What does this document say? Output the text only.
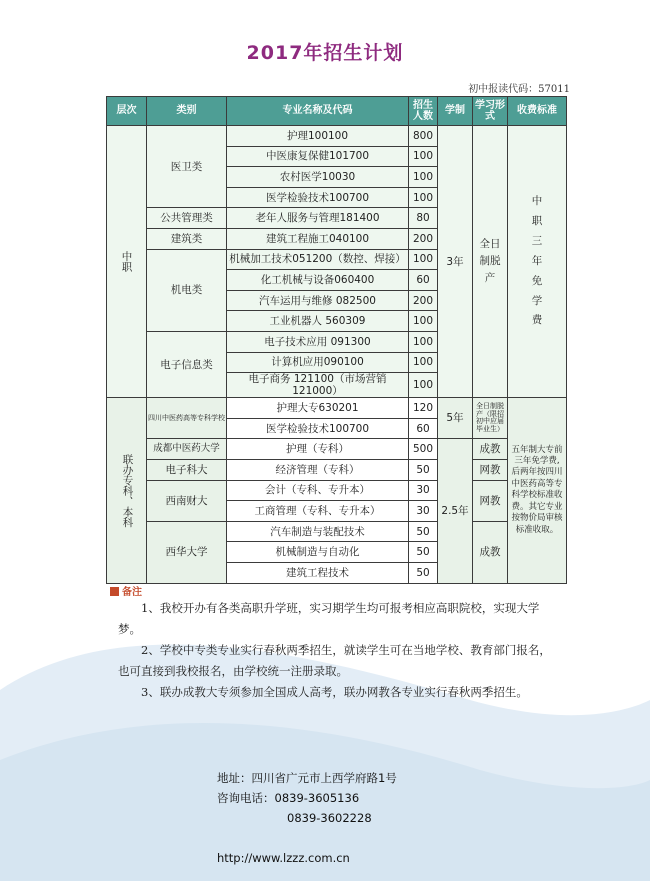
2017年招生计划
初中报读代码：57011
层次	类别	专业名称及代码	招生人数	学制	学习形式	收费标准
中职	医卫类	护理100100	800	3年	全日制脱产	中职三年免学费
		中医康复保健101700	100			
		农村医学10030	100			
		医学检验技术100700	100			
	公共管理类	老年人服务与管理181400	80			
	建筑类	建筑工程施工040100	200			
	机电类	机械加工技术051200（数控、焊接）	100			
		化工机械与设备060400	60			
		汽车运用与维修 082500	200			
		工业机器人 560309	100			
	电子信息类	电子技术应用 091300	100			
		计算机应用090100	100			
		电子商务 121100（市场营销121000）	100			
联办专科、本科	四川中医药高等专科学校	护理大专630201	120	5年	全日制脱产（限招初中应届毕业生）	五年制大专前三年免学费,后两年按四川中医药高等专科学校标准收费。其它专业按物价局审核标准收取。
		医学检验技术100700	60			
	成都中医药大学	护理（专科）	500	2.5年	成教	
	电子科大	经济管理（专科）	50		网教	
	西南财大	会计（专科、专升本）	30		网教	
		工商管理（专科、专升本）	30			
	西华大学	汽车制造与装配技术	50		成教	
		机械制造与自动化	50			
		建筑工程技术	50			
备注

1、我校开办有各类高职升学班，实习期学生均可报考相应高职院校，实现大学梦。

2、学校中专类专业实行春秋两季招生，就读学生可在当地学校、教育部门报名，也可直接到我校报名，由学校统一注册录取。

3、联办成教大专须参加全国成人高考，联办网教各专业实行春秋两季招生。

地址：四川省广元市上西学府路1号
咨询电话：0839-3605136
0839-3602228
http://www.lzzz.com.cn
